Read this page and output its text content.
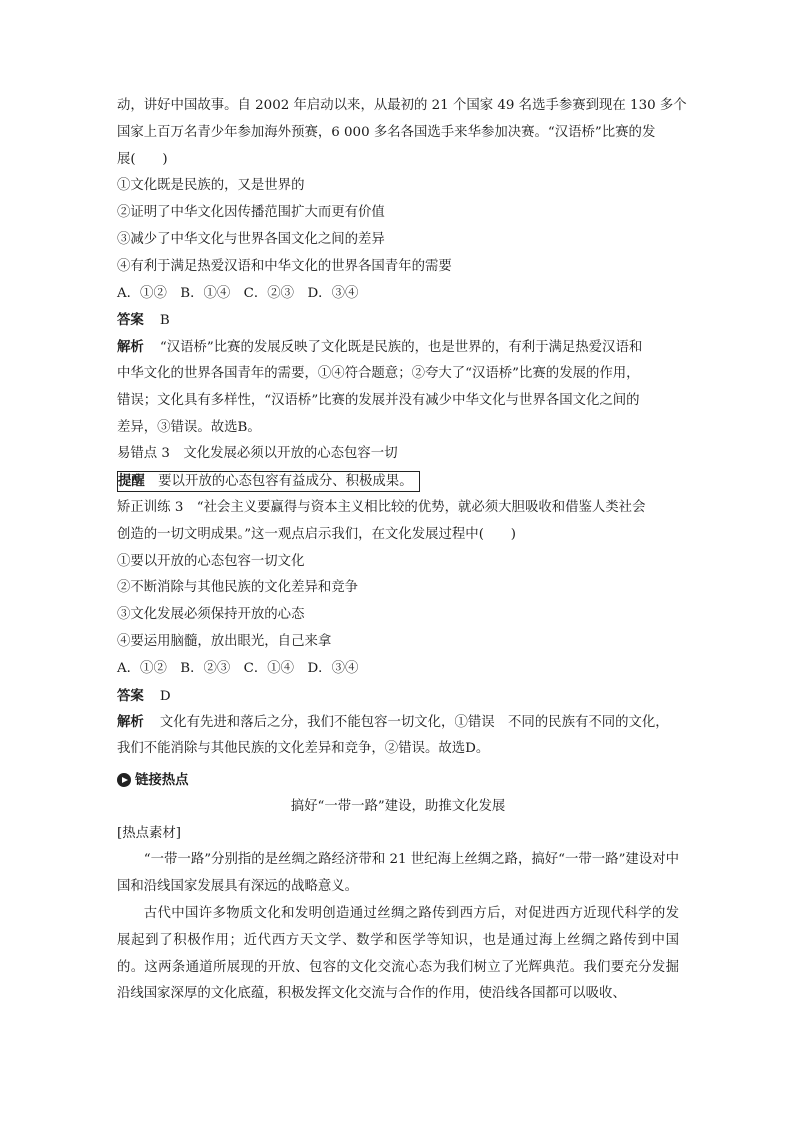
动，讲好中国故事。自 2002 年启动以来，从最初的 21 个国家 49 名选手参赛到现在 130 多个
国家上百万名青少年参加海外预赛，6 000 多名各国选手来华参加决赛。“汉语桥”比赛的发
展(　　)
①文化既是民族的，又是世界的
②证明了中华文化因传播范围扩大而更有价值
③减少了中华文化与世界各国文化之间的差异
④有利于满足热爱汉语和中华文化的世界各国青年的需要
A．①②　B．①④　C．②③　D．③④
答案 B
解析 “汉语桥”比赛的发展反映了文化既是民族的，也是世界的，有利于满足热爱汉语和
中华文化的世界各国青年的需要，①④符合题意；②夸大了“汉语桥”比赛的发展的作用，
错误；文化具有多样性，“汉语桥”比赛的发展并没有减少中华文化与世界各国文化之间的
差异，③错误。故选B。
易错点 3　文化发展必须以开放的心态包容一切
提醒　 要以开放的心态包容有益成分、积极成果。
矫正训练 3　“社会主义要赢得与资本主义相比较的优势，就必须大胆吸收和借鉴人类社会
创造的一切文明成果。”这一观点启示我们，在文化发展过程中(　　)
①要以开放的心态包容一切文化
②不断消除与其他民族的文化差异和竞争
③文化发展必须保持开放的心态
④要运用脑髓，放出眼光，自己来拿
A．①②　B．②③　C．①④　D．③④
答案 D
解析 文化有先进和落后之分，我们不能包容一切文化，①错误　 不同的民族有不同的文化，
我们不能消除与其他民族的文化差异和竞争，②错误。故选D。
链接热点
搞好“一带一路”建设，助推文化发展
[热点素材]
“一带一路”分别指的是丝绸之路经济带和 21 世纪海上丝绸之路，搞好“一带一路”建设对中国和沿线国家发展具有深远的战略意义。
古代中国许多物质文化和发明创造通过丝绸之路传到西方后，对促进西方近现代科学的发展起到了积极作用；近代西方天文学、数学和医学等知识，也是通过海上丝绸之路传到中国的。这两条通道所展现的开放、包容的文化交流心态为我们树立了光辉典范。我们要充分发掘沿线国家深厚的文化底蕴，积极发挥文化交流与合作的作用，使沿线各国都可以吸收、
